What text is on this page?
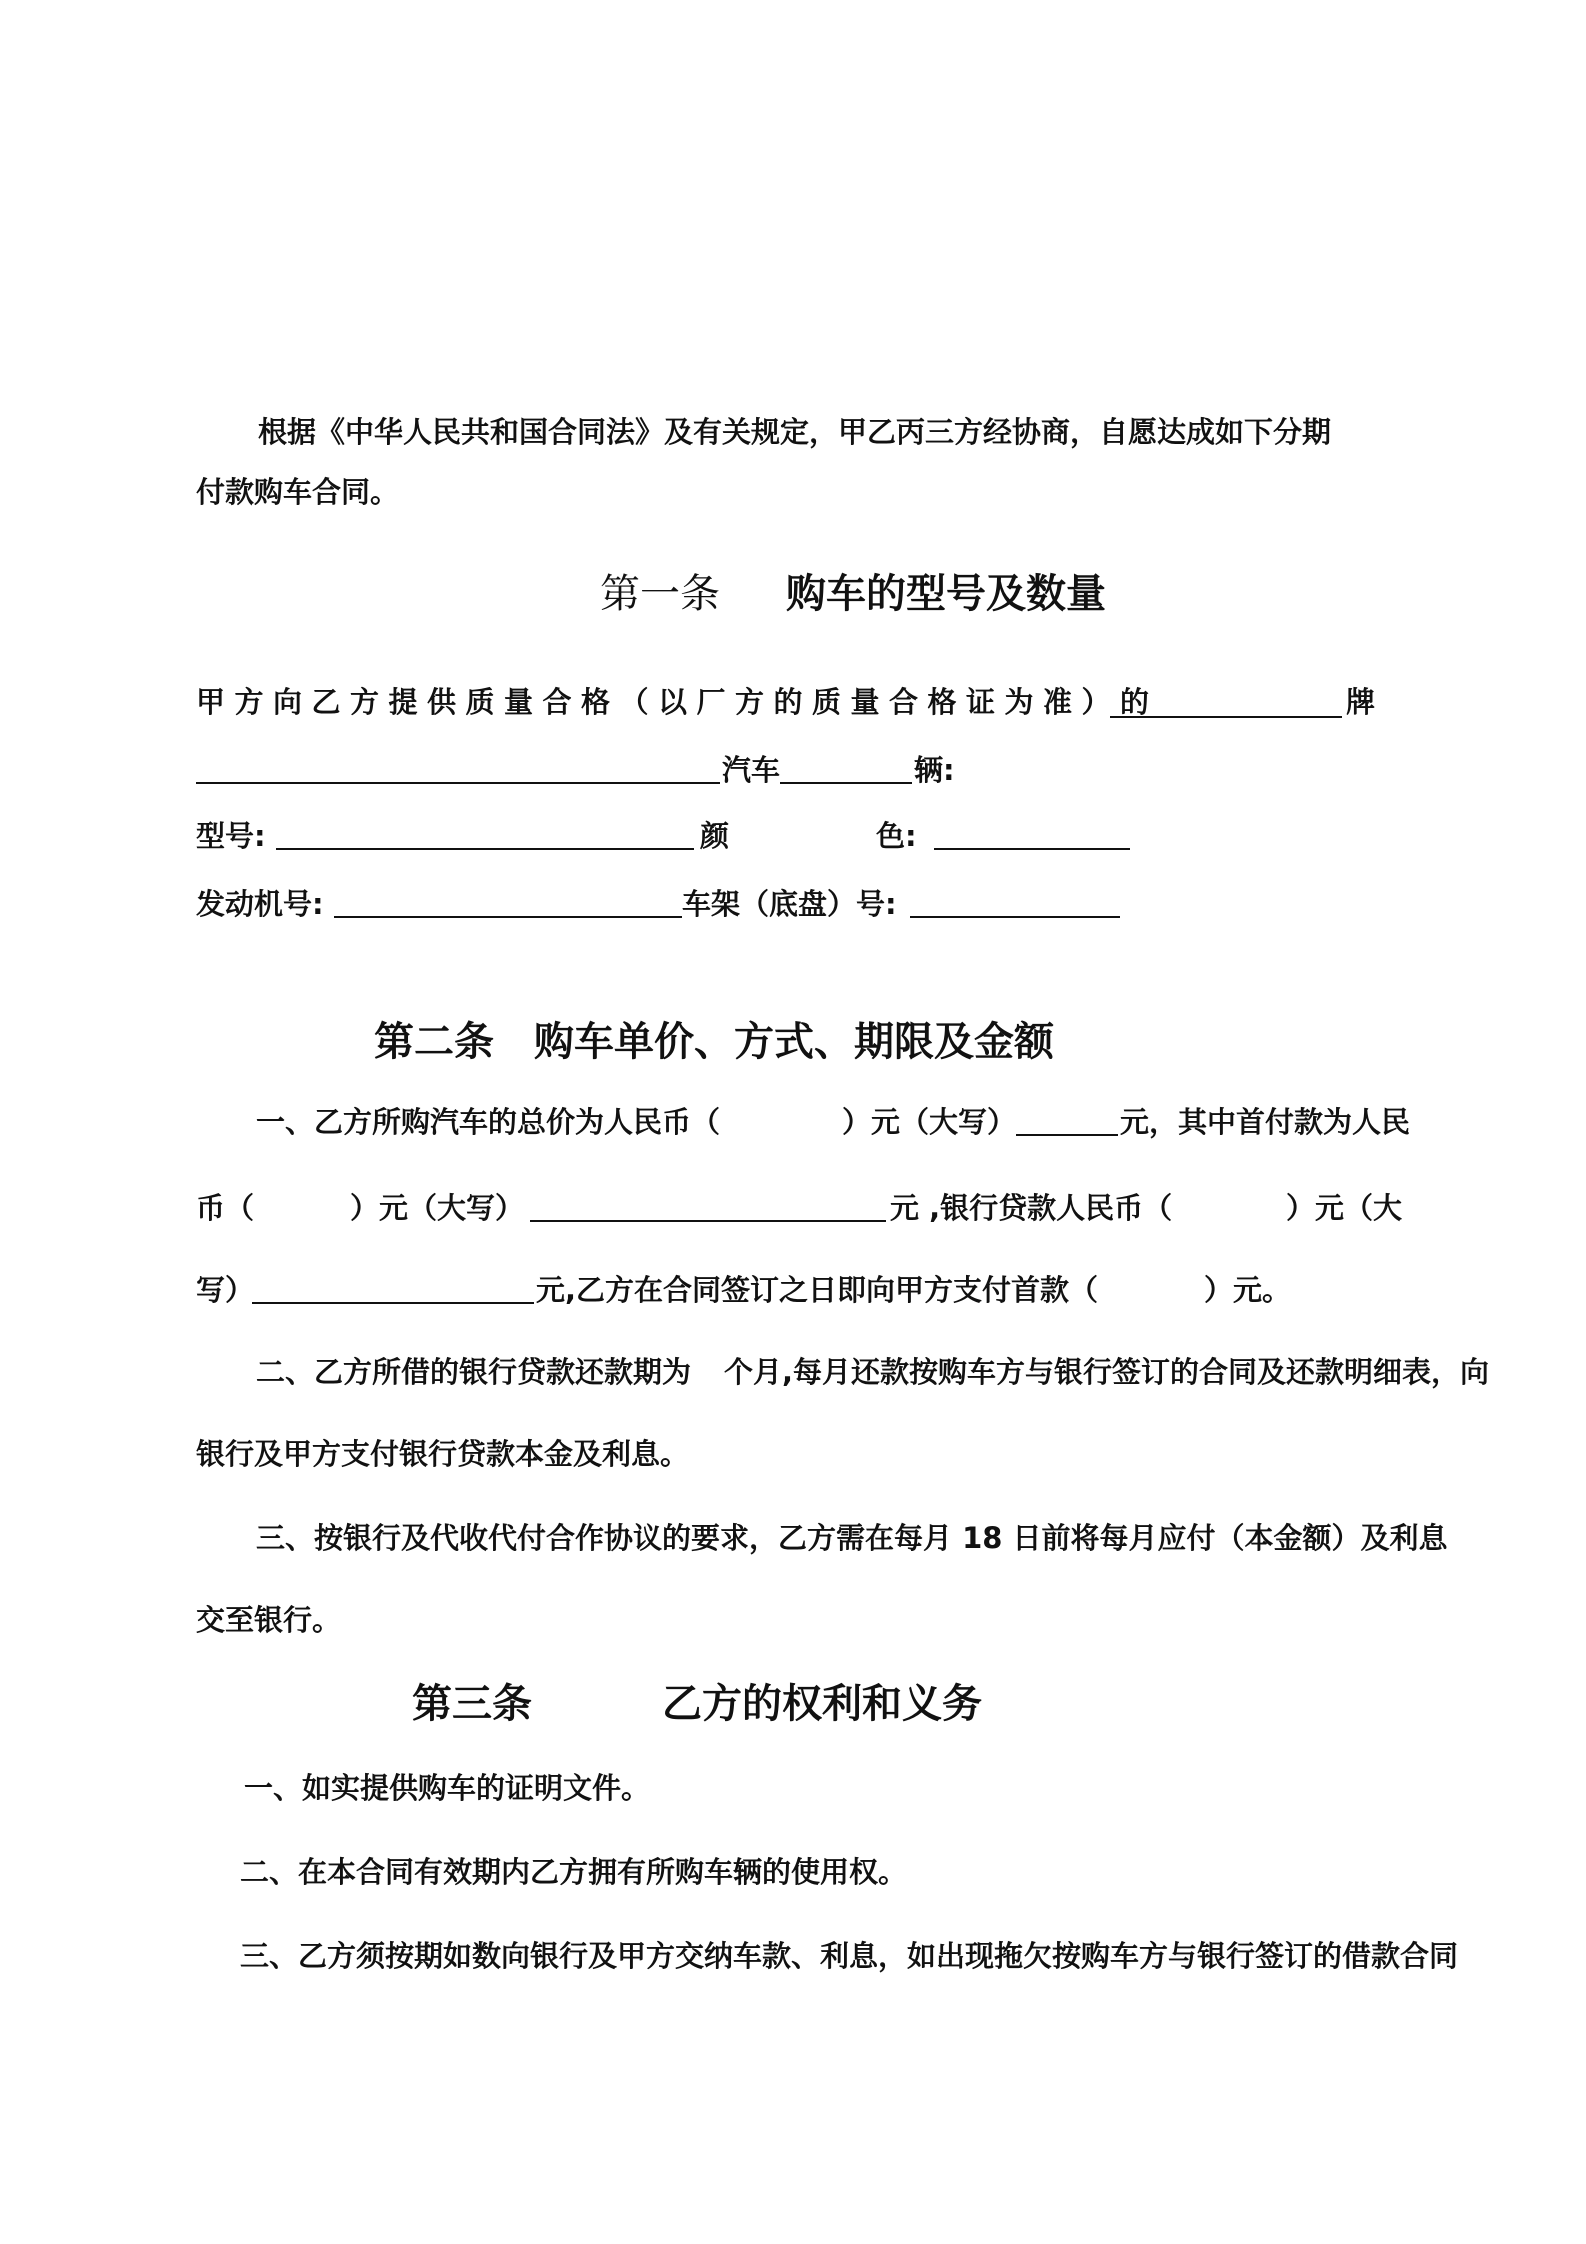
根据《中华人民共和国合同法》及有关规定，甲乙丙三方经协商，自愿达成如下分期
付款购车合同。
第一条 购车的型号及数量
甲方向乙方提供质量合格（以厂方的质量合格证为准）的	牌
汽车	辆:
型号:	颜	色:
发动机号:	车架（底盘）号:
第二条　购车单价、方式、期限及金额
一、乙方所购汽车的总价为人民币（	）元（大写）	元，其中首付款为人民
币（	）元（大写）	元 ,银行贷款人民币（	）元（大
写）	元,乙方在合同签订之日即向甲方支付首款（	）元。
二、乙方所借的银行贷款还款期为 个月,每月还款按购车方与银行签订的合同及还款明细表，向
银行及甲方支付银行贷款本金及利息。
三、按银行及代收代付合作协议的要求，乙方需在每月 18 日前将每月应付（本金额）及利息
交至银行。
第三条	乙方的权利和义务
一、如实提供购车的证明文件。
二、在本合同有效期内乙方拥有所购车辆的使用权。
三、乙方须按期如数向银行及甲方交纳车款、利息，如出现拖欠按购车方与银行签订的借款合同
